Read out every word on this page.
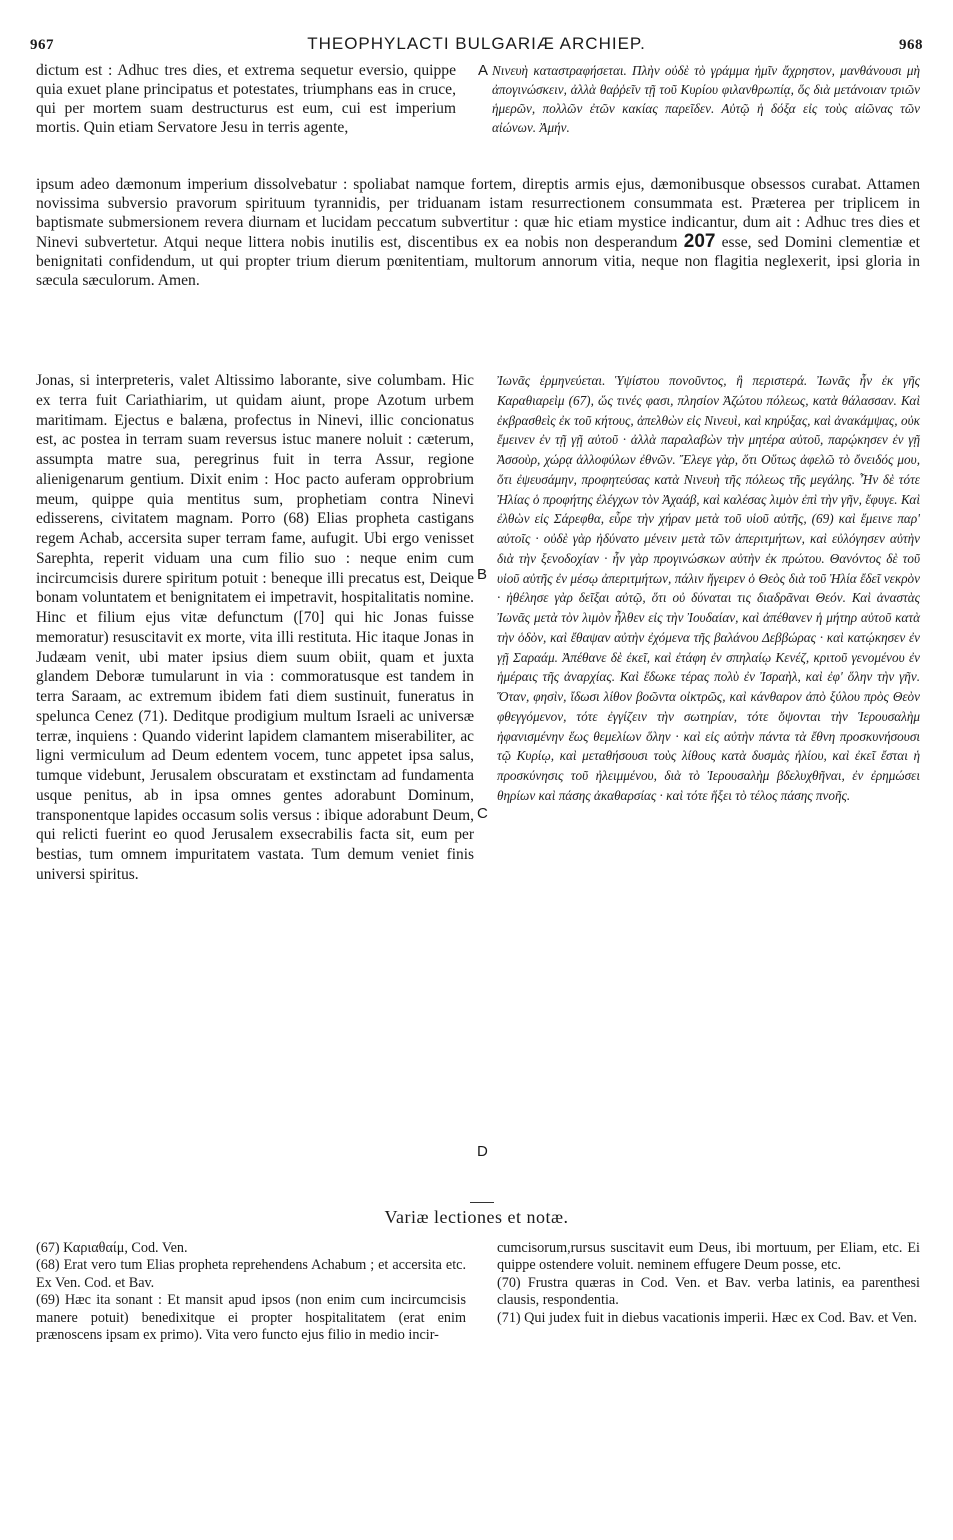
967	THEOPHYLACTI BULGARIÆ ARCHIEP.	968

dictum est : Adhuc tres dies, et extrema sequetur eversio, quippe quia exuet plane principatus et potestates, triumphans eas in cruce, qui per mortem suam destructurus est eum, cui est imperium mortis. Quin etiam Servatore Jesu in terris agente,

A Νινευὴ καταστραφήσεται. Πλὴν οὐδὲ τὸ γράμμα ἡμῖν ἄχρηστον, μανθάνουσι μὴ ἀπογινώσκειν, ἀλλὰ θαῤῥεῖν τῇ τοῦ Κυρίου φιλανθρωπίᾳ, ὅς διὰ μετάνοιαν τριῶν ἡμερῶν, πολλῶν ἐτῶν κακίας παρεῖδεν. Αὐτῷ ἡ δόξα εἰς τοὺς αἰῶνας τῶν αἰώνων. Ἀμήν.

ipsum adeo dæmonum imperium dissolvebatur : spoliabat namque fortem, direptis armis ejus, dæmonibusque obsessos curabat. Attamen novissima subversio pravorum spirituum tyrannidis, per triduanam istam resurrectionem consummata est. Præterea per triplicem in baptismate submersionem revera diurnam et lucidam peccatum subvertitur : quæ hic etiam mystice indicantur, dum ait : Adhuc tres dies et Ninevi subvertetur. Atqui neque littera nobis inutilis est, discentibus ex ea nobis non desperandum 207 esse, sed Domini clementiæ et benignitati confidendum, ut qui propter trium dierum pœnitentiam, multorum annorum vitia, neque non flagitia neglexerit, ipsi gloria in sæcula sæculorum. Amen.

Jonas, si interpreteris, valet Altissimo laborante, sive columbam. Hic ex terra fuit Cariathiarim, ut quidam aiunt, prope Azotum urbem maritimam. Ejectus e balæna, profectus in Ninevi, illic concionatus est, ac postea in terram suam reversus istuc manere noluit : cæterum, assumpta matre sua, peregrinus fuit in terra Assur, regione alienigenarum gentium. Dixit enim : Hoc pacto auferam opprobrium meum, quippe quia mentitus sum, prophetiam contra Ninevi edisserens, civitatem magnam. Porro (68) Elias propheta castigans regem Achab, accersita super terram fame, aufugit. Ubi ergo venisset Sarephta, reperit viduam una cum filio suo : neque enim cum incircumcisis durere spiritum potuit : beneque illi precatus est, Deique bonam voluntatem et benignitatem ei impetravit, hospitalitatis nomine. Hinc et filium ejus vitæ defunctum ([70] qui hic Jonas fuisse memoratur) resuscitavit ex morte, vita illi restituta. Hic itaque Jonas in Judæam venit, ubi mater ipsius diem suum obiit, quam et juxta glandem Deboræ tumularunt in via : commoratusque est tandem in terra Saraam, ac extremum ibidem fati diem sustinuit, funeratus in spelunca Cenez (71). Deditque prodigium multum Israeli ac universæ terræ, inquiens : Quando viderint lapidem clamantem miserabiliter, ac ligni vermiculum ad Deum edentem vocem, tunc appetet ipsa salus, tumque videbunt, Jerusalem obscuratam et exstinctam ad fundamenta usque penitus, ab in ipsa omnes gentes adorabunt Dominum, transponentque lapides occasum solis versus : ibique adorabunt Deum, qui relicti fuerint eo quod Jerusalem exsecrabilis facta sit, eum per bestias, tum omnem impuritatem vastata. Tum demum veniet finis universi spiritus.

B
C
D

Ἰωνᾶς ἑρμηνεύεται. Ὑψίστου πονοῦντος, ἢ περιστερά. Ἰωνᾶς ἦν ἐκ γῆς Καραθιαρεὶμ (67), ὥς τινές φασι, πλησίον Ἀζώτου πόλεως, κατὰ θάλασσαν. Καὶ ἐκβρασθεὶς ἐκ τοῦ κήτους, ἀπελθὼν εἰς Νινευὶ, καὶ κηρύξας, καὶ ἀνακάμψας, οὐκ ἔμεινεν ἐν τῇ γῇ αὐτοῦ · ἀλλὰ παραλαβὼν τὴν μητέρα αὐτοῦ, παρῴκησεν ἐν γῇ Ἀσσοὺρ, χώρᾳ ἀλλοφύλων ἐθνῶν. Ἔλεγε γὰρ, ὅτι Οὕτως ἀφελῶ τὸ ὄνειδός μου, ὅτι ἐψευσάμην, προφητεύσας κατὰ Νινευὴ τῆς πόλεως τῆς μεγάλης. Ἦν δὲ τότε Ἠλίας ὁ προφήτης ἐλέγχων τὸν Ἀχαάβ, καὶ καλέσας λιμὸν ἐπὶ τὴν γῆν, ἔφυγε. Καὶ ἐλθὼν εἰς Σάρεφθα, εὗρε τὴν χήραν μετὰ τοῦ υἱοῦ αὐτῆς, (69) καὶ ἔμεινε παρ' αὐτοῖς · οὐδὲ γὰρ ἠδύνατο μένειν μετὰ τῶν ἀπεριτμήτων, καὶ εὐλόγησεν αὐτὴν διὰ τὴν ξενοδοχίαν · ἦν γὰρ προγινώσκων αὐτὴν ἐκ πρώτου. Θανόντος δὲ τοῦ υἱοῦ αὐτῆς ἐν μέσῳ ἀπεριτμήτων, πάλιν ἤγειρεν ὁ Θεὸς διὰ τοῦ Ἠλία ἔδεῖ νεκρὸν · ἠθέλησε γὰρ δεῖξαι αὐτῷ, ὅτι οὐ δύναται τις διαδρᾶναι Θεόν. Καὶ ἀναστὰς Ἰωνᾶς μετὰ τὸν λιμὸν ἦλθεν εἰς τὴν Ἰουδαίαν, καὶ ἀπέθανεν ἡ μήτηρ αὐτοῦ κατὰ τὴν ὁδὸν, καὶ ἔθαψαν αὐτὴν ἐχόμενα τῆς βαλάνου Δεββώρας · καὶ κατῴκησεν ἐν γῇ Σαραάμ. Ἀπέθανε δὲ ἐκεῖ, καὶ ἐτάφη ἐν σπηλαίῳ Κενέζ, κριτοῦ γενομένου ἐν ἡμέραις τῆς ἀναρχίας. Καὶ ἔδωκε τέρας πολὺ ἐν Ἰσραὴλ, καὶ ἐφ' ὅλην τὴν γῆν. Ὅταν, φησὶν, ἴδωσι λίθον βοῶντα οἰκτρῶς, καὶ κάνθαρον ἀπὸ ξύλου πρὸς Θεὸν φθεγγόμενον, τότε ἐγγίζειν τὴν σωτηρίαν, τότε ὄψονται τὴν Ἱερουσαλὴμ ἠφανισμένην ἕως θεμελίων ὅλην · καὶ εἰς αὐτὴν πάντα τὰ ἔθνη προσκυνήσουσι τῷ Κυρίῳ, καὶ μεταθήσουσι τοὺς λίθους κατὰ δυσμὰς ἡλίου, καὶ ἐκεῖ ἔσται ἡ προσκύνησις τοῦ ἠλειμμένου, διὰ τὸ Ἱερουσαλὴμ βδελυχθῆναι, ἐν ἐρημώσει θηρίων καὶ πάσης ἀκαθαρσίας · καὶ τότε ἥξει τὸ τέλος πάσης πνοῆς.

Variæ lectiones et notæ.

(67) Καριαθαίμ, Cod. Ven.

(68) Erat vero tum Elias propheta reprehendens Achabum ; et accersita etc. Ex Ven. Cod. et Bav.

(69) Hæc ita sonant : Et mansit apud ipsos (non enim cum incircumcisis manere potuit) benedixitque ei propter hospitalitatem (erat enim prænoscens ipsam ex primo). Vita vero functo ejus filio in medio incir-

cumcisorum,rursus suscitavit eum Deus, ibi mortuum, per Eliam, etc. Ei quippe ostendere voluit. neminem effugere Deum posse, etc.

(70) Frustra quæras in Cod. Ven. et Bav. verba latinis, ea parenthesi clausis, respondentia.

(71) Qui judex fuit in diebus vacationis imperii. Hæc ex Cod. Bav. et Ven.
